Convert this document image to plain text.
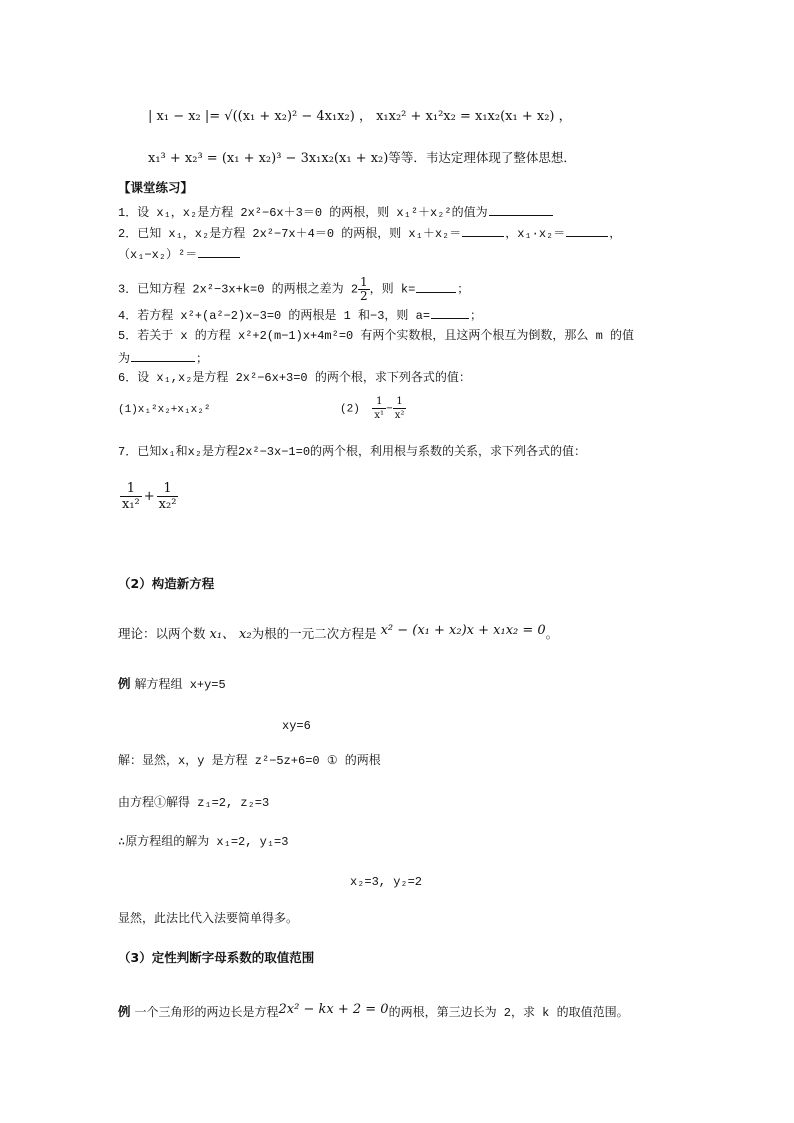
| x₁ − x₂ |= √((x₁ + x₂)² − 4x₁x₂) ， x₁x₂² + x₁²x₂ = x₁x₂(x₁ + x₂) ，
x₁³ + x₂³ = (x₁ + x₂)³ − 3x₁x₂(x₁ + x₂)等等．韦达定理体现了整体思想．
【课堂练习】
1．设 x₁，x₂是方程 2x²−6x＋3＝0 的两根，则 x₁²＋x₂²的值为
2．已知 x₁，x₂是方程 2x²−7x＋4＝0 的两根，则 x₁＋x₂＝	，x₁·x₂＝	，
（x₁−x₂）²＝
3．已知方程 2x²−3x+k=0 的两根之差为 $2 \frac{1}{2}$ ，则 k=	；
4．若方程 x²+(a²−2)x−3=0 的两根是 1 和−3，则 a=	；
5．若关于 x 的方程 x²+2(m−1)x+4m²=0 有两个实数根，且这两个根互为倒数，那么 m 的值
为	；
6．设 x₁,x₂是方程 2x²−6x+3=0 的两个根，求下列各式的值：
(1)x₁²x₂+x₁x₂²	$(2) \frac{1}{\text{x¹}} - \frac{1}{\text{x²}}$
7．已知x₁和x₂是方程2x²−3x−1=0的两个根，利用根与系数的关系，求下列各式的值：
$\frac{1}{\text{x₁²}} + \frac{1}{\text{x₂²}}$
（2）构造新方程
理论：以两个数 x₁、 x₂为根的一元二次方程是 x² − (x₁ + x₂)x + x₁x₂ = 0。
例 解方程组 x+y=5
xy=6
解：显然，x，y 是方程 z²−5z+6=0 ① 的两根
由方程①解得 z₁=2, z₂=3
∴原方程组的解为 x₁=2, y₁=3
x₂=3, y₂=2
显然，此法比代入法要简单得多。
（3）定性判断字母系数的取值范围
例 一个三角形的两边长是方程2x² − kx + 2 = 0的两根，第三边长为 2，求 k 的取值范围。
